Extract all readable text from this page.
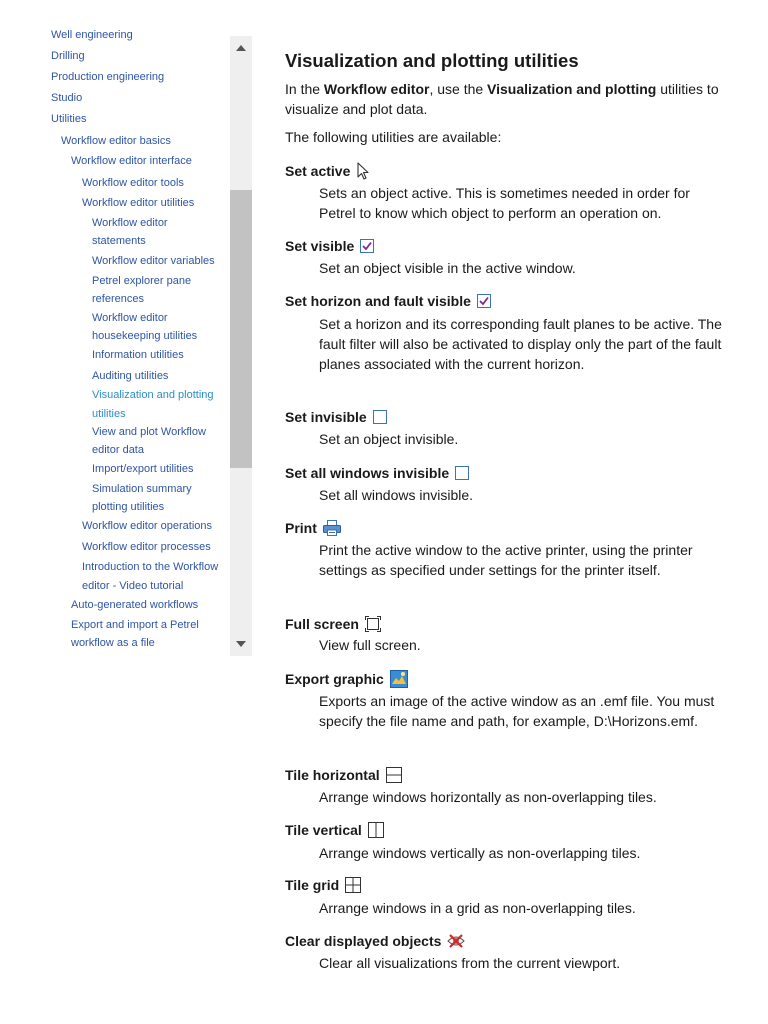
Well engineering
Drilling
Production engineering
Studio
Utilities
Workflow editor basics
Workflow editor interface
Workflow editor tools
Workflow editor utilities
Workflow editor
statements
Workflow editor variables
Petrel explorer pane
references
Workflow editor
housekeeping utilities
Information utilities
Auditing utilities
Visualization and plotting
utilities
View and plot Workflow
editor data
Import/export utilities
Simulation summary
plotting utilities
Workflow editor operations
Workflow editor processes
Introduction to the Workflow
editor - Video tutorial
Auto-generated workflows
Export and import a Petrel
workflow as a file
Visualization and plotting utilities
In the Workflow editor, use the Visualization and plotting utilities to visualize and plot data.
The following utilities are available:
Set active
Sets an object active. This is sometimes needed in order for Petrel to know which object to perform an operation on.
Set visible
Set an object visible in the active window.
Set horizon and fault visible
Set a horizon and its corresponding fault planes to be active. The fault filter will also be activated to display only the part of the fault planes associated with the current horizon.
Set invisible
Set an object invisible.
Set all windows invisible
Set all windows invisible.
Print
Print the active window to the active printer, using the printer settings as specified under settings for the printer itself.
Full screen
View full screen.
Export graphic
Exports an image of the active window as an .emf file. You must specify the file name and path, for example, D:\Horizons.emf.
Tile horizontal
Arrange windows horizontally as non-overlapping tiles.
Tile vertical
Arrange windows vertically as non-overlapping tiles.
Tile grid
Arrange windows in a grid as non-overlapping tiles.
Clear displayed objects
Clear all visualizations from the current viewport.
